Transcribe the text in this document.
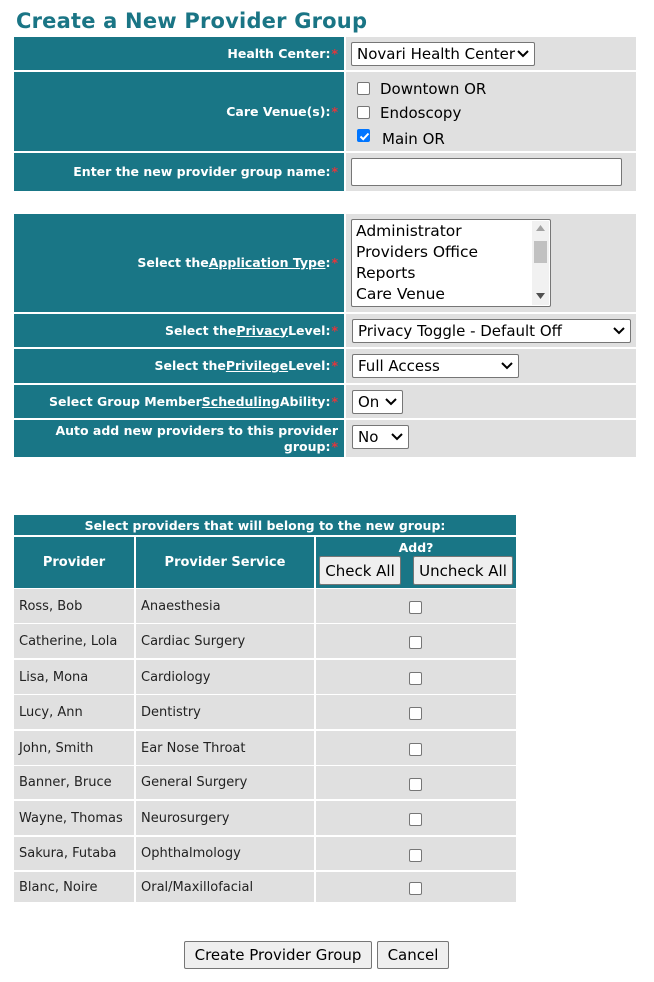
Create a New Provider Group
Health Center: *	Novari Health Center
Care Venue(s): *
Downtown OR
Endoscopy
Main OR
Enter the new provider group name: *
Select the Application Type : *
Administrator
Providers Office
Reports
Care Venue
Select the Privacy Level: *	Privacy Toggle - Default Off
Select the Privilege Level: *	Full Access
Select Group Member Scheduling Ability: *	On
Auto add new providers to this provider
group:*	No
Select providers that will belong to the new group:
Provider	Provider Service
Add?
Check All	Uncheck All
Ross, Bob	Anaesthesia
Catherine, Lola	Cardiac Surgery
Lisa, Mona	Cardiology
Lucy, Ann	Dentistry
John, Smith	Ear Nose Throat
Banner, Bruce	General Surgery
Wayne, Thomas	Neurosurgery
Sakura, Futaba	Ophthalmology
Blanc, Noire	Oral/Maxillofacial
Create Provider Group	Cancel
